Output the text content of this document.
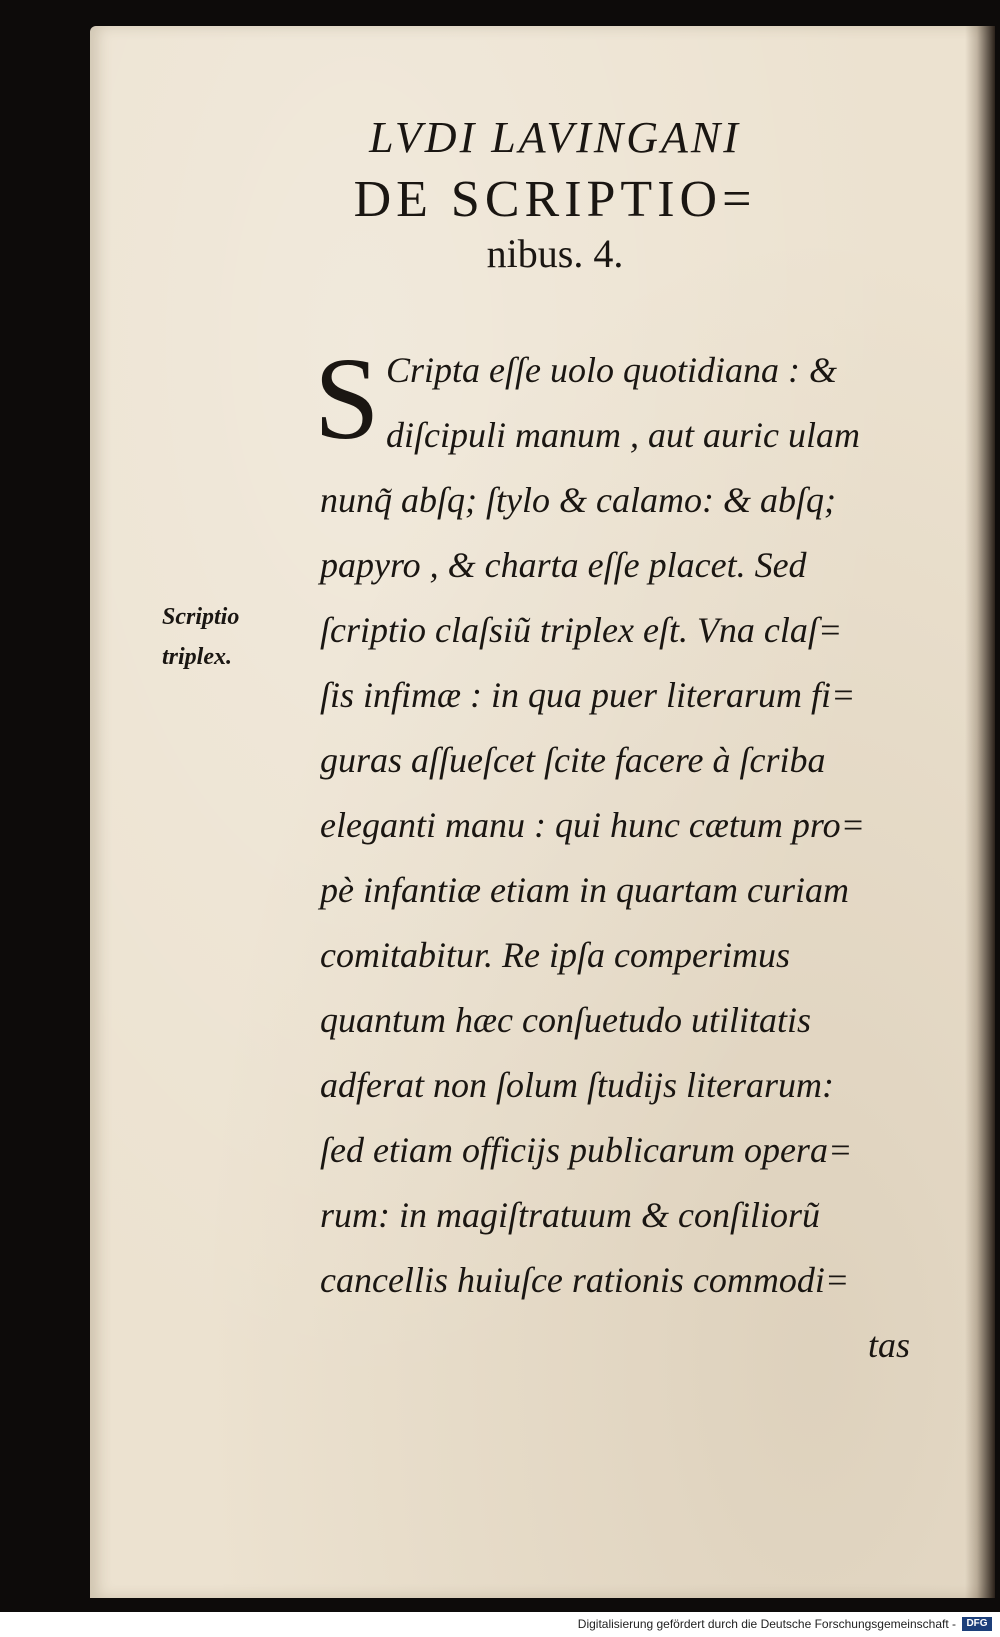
LVDI LAVINGANI
DE SCRIPTIO=
nibus. 4.
Scriptio
triplex.
S Cripta eſſe uolo quotidiana : &
diſcipuli manum , aut auric ulam
nunq̃ abſq; ſtylo & calamo: & abſq;
papyro , & charta eſſe placet. Sed
ſcriptio claſsiũ triplex eſt. Vna claſ=
ſis infimæ : in qua puer literarum fi=
guras aſſueſcet ſcite facere à ſcriba
eleganti manu : qui hunc cætum pro=
pè infantiæ etiam in quartam curiam
comitabitur. Re ipſa comperimus
quantum hæc conſuetudo utilitatis
adferat non ſolum ſtudijs literarum:
ſed etiam officijs publicarum opera=
rum: in magiſtratuum & conſiliorũ
cancellis huiuſce rationis commodi=
tas
Digitalisierung gefördert durch die Deutsche Forschungsgemeinschaft -	DFG
